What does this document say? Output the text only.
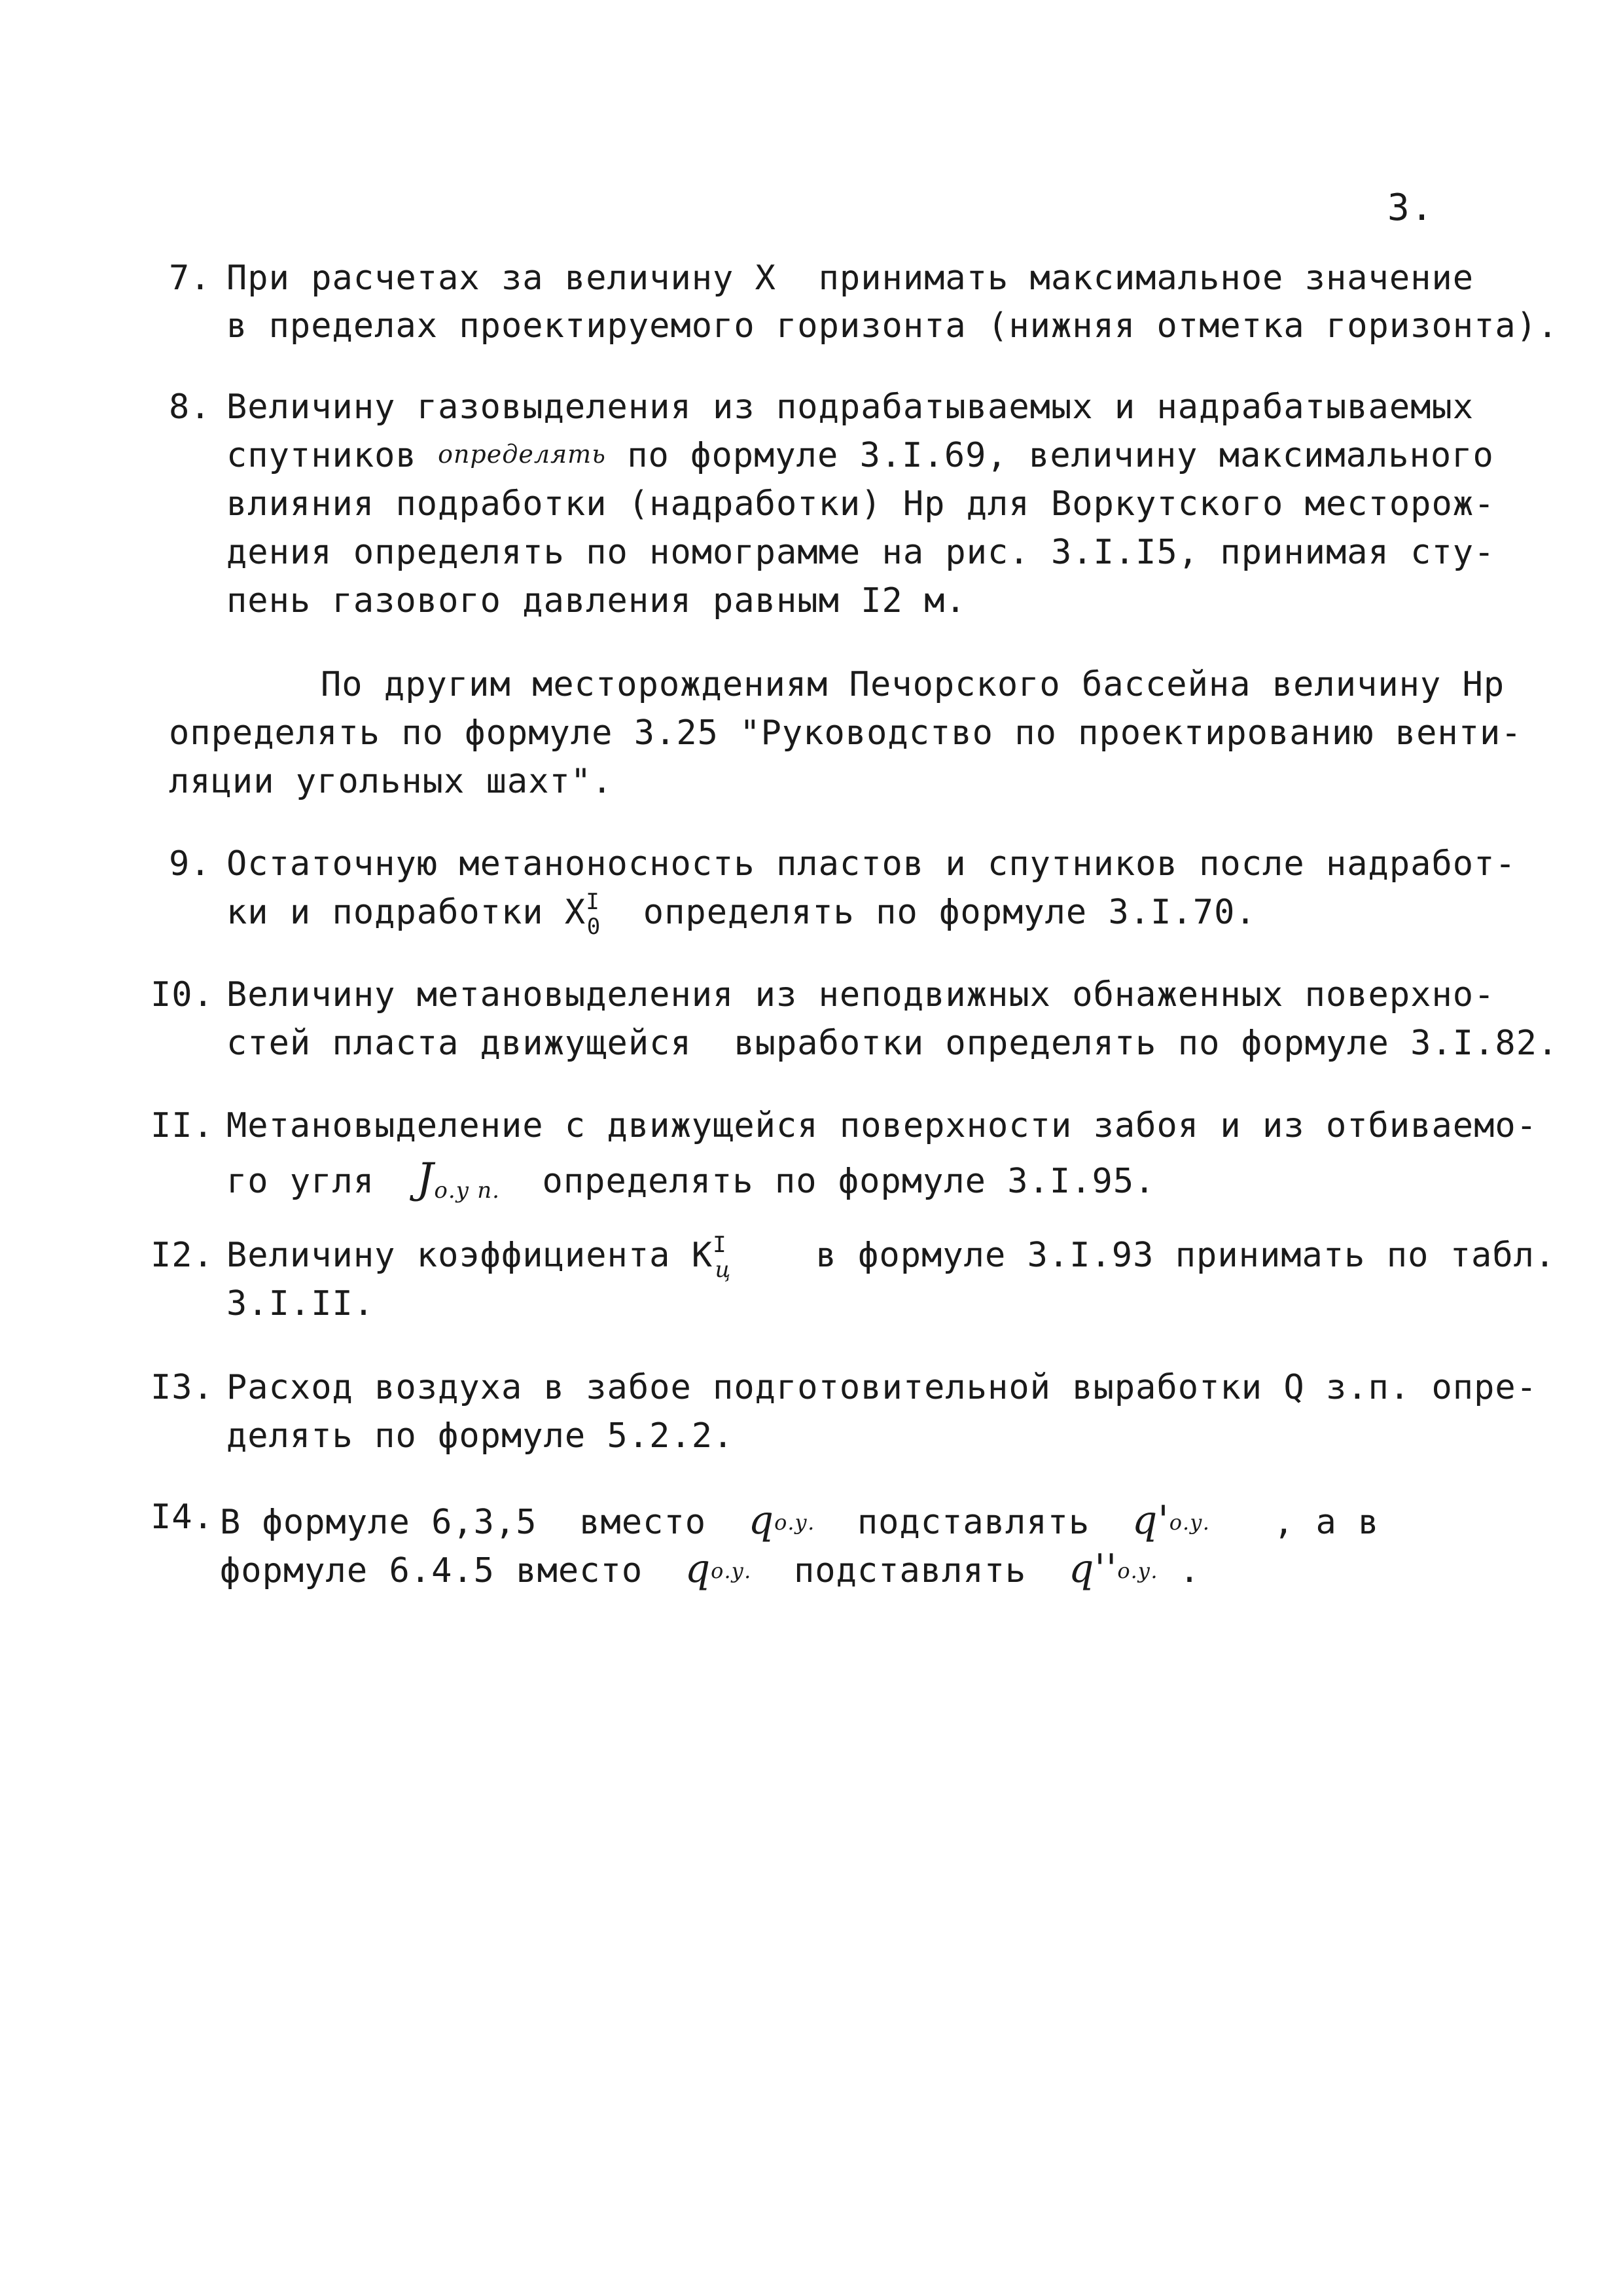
3.
7. При расчетах за величину Х  принимать максимальное значение
в пределах проектируемого горизонта (нижняя отметка горизонта).
8. Величину газовыделения из подрабатываемых и надрабатываемых
спутников определять по формуле 3.I.69, величину максимального
влияния подработки (надработки) Нр для Воркутского месторож-
дения определять по номограмме на рис. 3.I.I5, принимая сту-
пень газового давления равным I2 м.
По другим месторождениям Печорского бассейна величину Нр
определять по формуле 3.25 "Руководство по проектированию венти-
ляции угольных шахт".
9. Остаточную метаноносность пластов и спутников после надработ-
ки и подработки $Х^I_0$  определять по формуле 3.I.70.
I0. Величину метановыделения из неподвижных обнаженных поверхно-
стей пласта движущейся  выработки определять по формуле 3.I.82.
II. Метановыделение с движущейся поверхности забоя и из отбиваемо-
го угля  Jо.у п.  определять по формуле 3.I.95.
I2. Величину коэффициента $К^I_ц$    в формуле 3.I.93 принимать по табл.
3.I.II.
I3. Расход воздуха в забое подготовительной выработки Q з.п. опре-
делять по формуле 5.2.2.
I4. В формуле 6,3,5  вместо  qо.у.  подставлять  q'о.у.   , а в
формуле 6.4.5 вместо  qо.у.  подставлять  q''о.у. .
